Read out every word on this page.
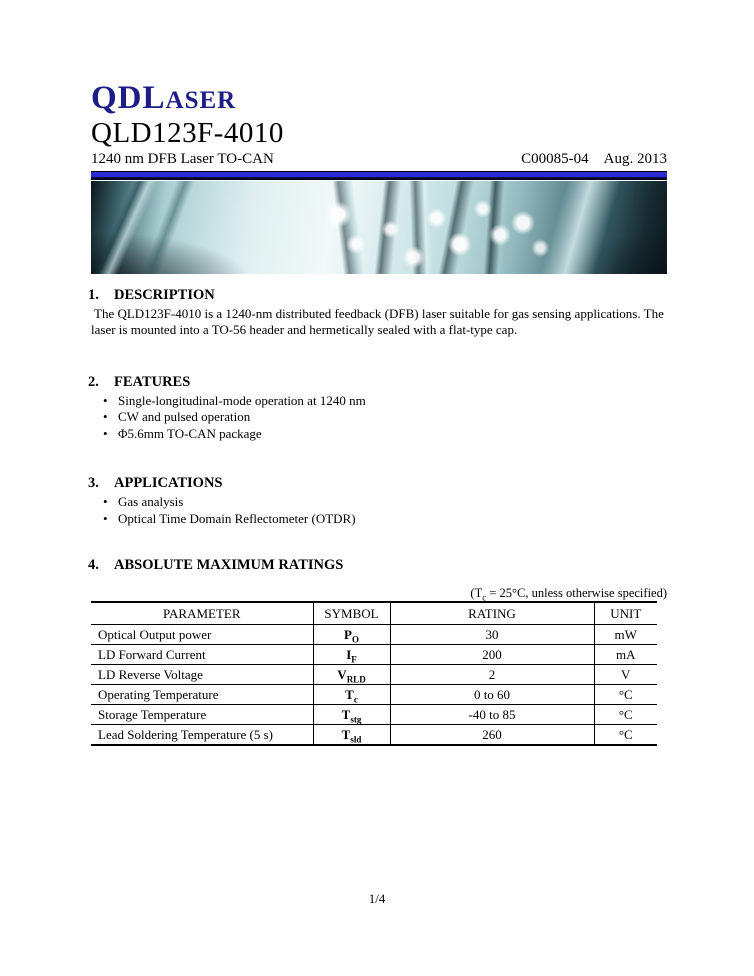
QDLASER
QLD123F-4010
1240 nm DFB Laser TO-CAN	C00085-04 Aug. 2013
1.	DESCRIPTION

The QLD123F-4010 is a 1240-nm distributed feedback (DFB) laser suitable for gas sensing applications. The laser is mounted into a TO-56 header and hermetically sealed with a flat-type cap.

2.	FEATURES
• Single-longitudinal-mode operation at 1240 nm
• CW and pulsed operation
• Φ5.6mm TO-CAN package
3.	APPLICATIONS
• Gas analysis
• Optical Time Domain Reflectometer (OTDR)
4.	ABSOLUTE MAXIMUM RATINGS
($T_c = 25^\circ C$, unless otherwise specified)
PARAMETER	SYMBOL	RATING	UNIT
Optical Output power	$P_O$	30	mW
LD Forward Current	$I_F$	200	mA
LD Reverse Voltage	$V_{RLD}$	2	V
Operating Temperature	$T_c$	0 to 60	°C
Storage Temperature	$T_{stg}$	-40 to 85	°C
Lead Soldering Temperature (5 s)	$T_{sld}$	260	°C
1/4
